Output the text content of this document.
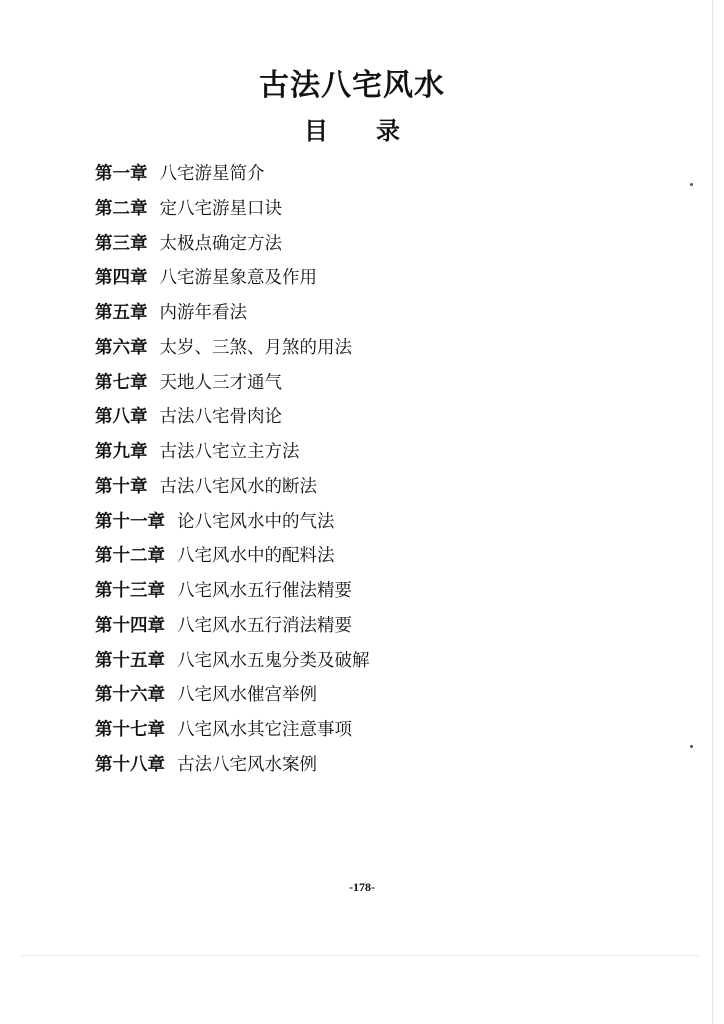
古法八宅风水
目 录
第一章 八宅游星简介
第二章 定八宅游星口诀
第三章 太极点确定方法
第四章 八宅游星象意及作用
第五章 内游年看法
第六章 太岁、三煞、月煞的用法
第七章 天地人三才通气
第八章 古法八宅骨肉论
第九章 古法八宅立主方法
第十章 古法八宅风水的断法
第十一章 论八宅风水中的气法
第十二章 八宅风水中的配料法
第十三章 八宅风水五行催法精要
第十四章 八宅风水五行消法精要
第十五章 八宅风水五鬼分类及破解
第十六章 八宅风水催宫举例
第十七章 八宅风水其它注意事项
第十八章 古法八宅风水案例
-178-
